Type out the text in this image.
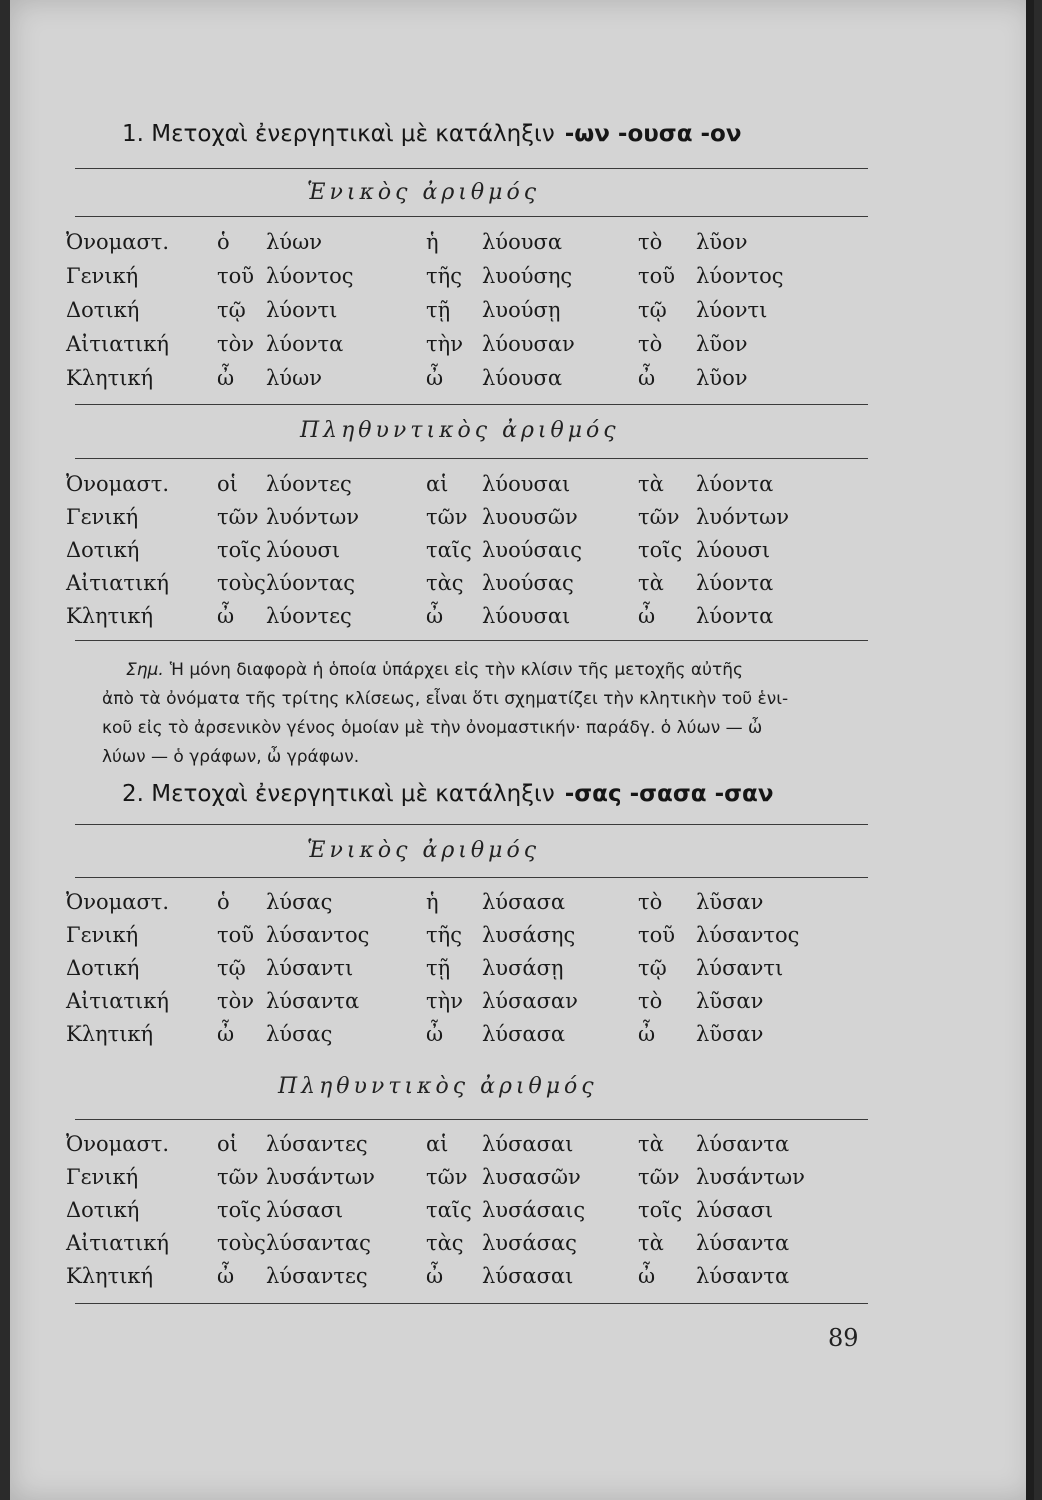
1. Μετοχαὶ ἐνεργητικαὶ μὲ κατάληξιν -ων -ουσα -ον
Ἑνικὸς ἀριθμός
Ὀνομαστ. ὁ λύων	ἡ λύουσα	τὸ λῦον
Γενική	τοῦ λύοντος	τῆς λυούσης	τοῦ λύοντος
Δοτική	τῷ λύοντι	τῇ λυούσῃ	τῷ λύοντι
Αἰτιατική τὸν λύοντα	τὴν λύουσαν	τὸ λῦον
Κλητική	ὦ λύων	ὦ λύουσα	ὦ λῦον
Πληθυντικὸς ἀριθμός
Ὀνομαστ. οἱ λύοντες	αἱ λύουσαι	τὰ λύοντα
Γενική	τῶν λυόντων	τῶν λυουσῶν	τῶν λυόντων
Δοτική	τοῖς λύουσι	ταῖς λυούσαις	τοῖς λύουσι
Αἰτιατική τοὺς λύοντας	τὰς λυούσας	τὰ λύοντα
Κλητική	ὦ λύοντες	ὦ λύουσαι	ὦ λύοντα
Σημ. Ἡ μόνη διαφορὰ ἡ ὁποία ὑπάρχει εἰς τὴν κλίσιν τῆς μετοχῆς αὐτῆς
ἀπὸ τὰ ὀνόματα τῆς τρίτης κλίσεως, εἶναι ὅτι σχηματίζει τὴν κλητικὴν τοῦ ἑνι-
κοῦ εἰς τὸ ἀρσενικὸν γένος ὁμοίαν μὲ τὴν ὀνομαστικήν· παράδγ. ὁ λύων — ὦ
λύων — ὁ γράφων, ὦ γράφων.
2. Μετοχαὶ ἐνεργητικαὶ μὲ κατάληξιν -σας -σασα -σαν
Ἑνικὸς ἀριθμός
Ὀνομαστ. ὁ λύσας	ἡ λύσασα	τὸ λῦσαν
Γενική	τοῦ λύσαντος	τῆς λυσάσης	τοῦ λύσαντος
Δοτική	τῷ λύσαντι	τῇ λυσάσῃ	τῷ λύσαντι
Αἰτιατική τὸν λύσαντα	τὴν λύσασαν	τὸ λῦσαν
Κλητική	ὦ λύσας	ὦ λύσασα	ὦ λῦσαν
Πληθυντικὸς ἀριθμός
Ὀνομαστ. οἱ λύσαντες	αἱ λύσασαι	τὰ λύσαντα
Γενική	τῶν λυσάντων τῶν λυσασῶν	τῶν λυσάντων
Δοτική	τοῖς λύσασι	ταῖς λυσάσαις	τοῖς λύσασι
Αἰτιατική τοὺς λύσαντας	τὰς λυσάσας	τὰ λύσαντα
Κλητική	ὦ λύσαντες	ὦ λύσασαι	ὦ λύσαντα
89
